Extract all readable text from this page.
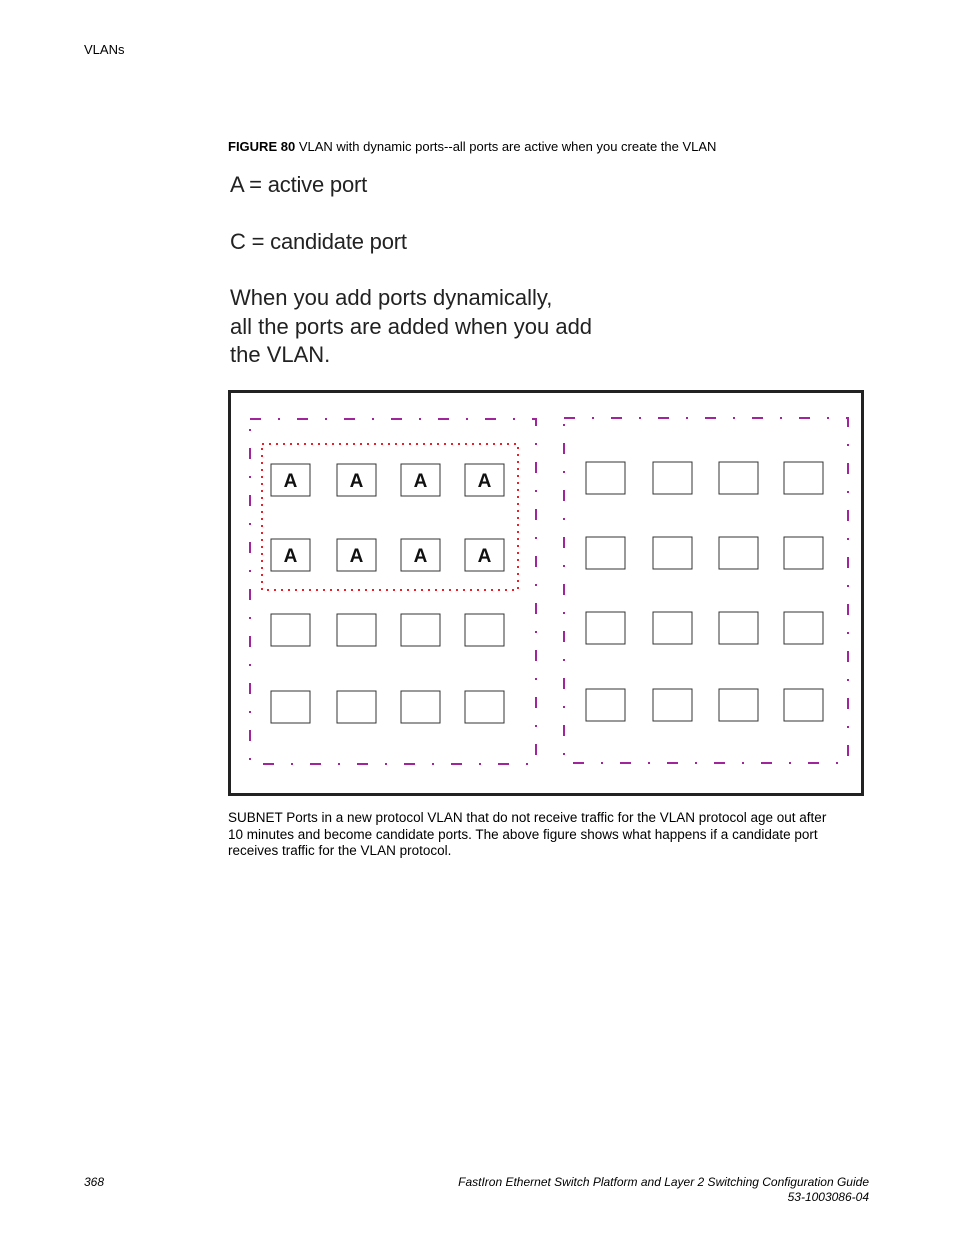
VLANs
FIGURE 80 VLAN with dynamic ports--all ports are active when you create the VLAN
A = active port
C = candidate port
When you add ports dynamically,
all the ports are added when you add
the VLAN.
A	A	A	A
A	A	A	A
SUBNET Ports in a new protocol VLAN that do not receive traffic for the VLAN protocol age out after
10 minutes and become candidate ports. The above figure shows what happens if a candidate port
receives traffic for the VLAN protocol.
368	FastIron Ethernet Switch Platform and Layer 2 Switching Configuration Guide
53-1003086-04
